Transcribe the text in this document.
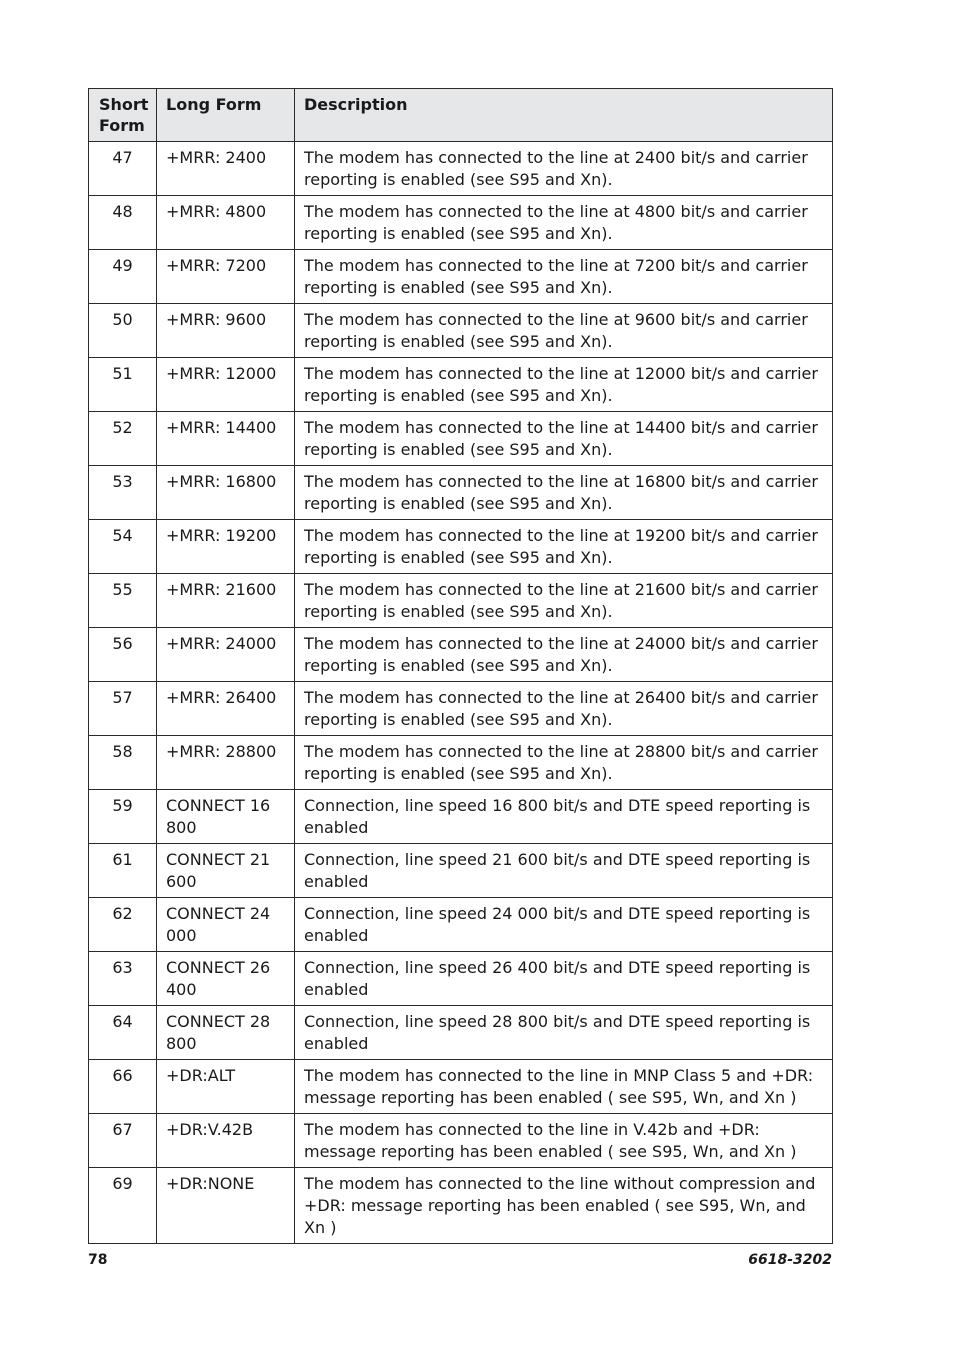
Short Form	Long Form	Description
47	+MRR: 2400	The modem has connected to the line at 2400 bit/s and carrier reporting is enabled (see S95 and Xn).
48	+MRR: 4800	The modem has connected to the line at 4800 bit/s and carrier reporting is enabled (see S95 and Xn).
49	+MRR: 7200	The modem has connected to the line at 7200 bit/s and carrier reporting is enabled (see S95 and Xn).
50	+MRR: 9600	The modem has connected to the line at 9600 bit/s and carrier reporting is enabled (see S95 and Xn).
51	+MRR: 12000	The modem has connected to the line at 12000 bit/s and carrier reporting is enabled (see S95 and Xn).
52	+MRR: 14400	The modem has connected to the line at 14400 bit/s and carrier reporting is enabled (see S95 and Xn).
53	+MRR: 16800	The modem has connected to the line at 16800 bit/s and carrier reporting is enabled (see S95 and Xn).
54	+MRR: 19200	The modem has connected to the line at 19200 bit/s and carrier reporting is enabled (see S95 and Xn).
55	+MRR: 21600	The modem has connected to the line at 21600 bit/s and carrier reporting is enabled (see S95 and Xn).
56	+MRR: 24000	The modem has connected to the line at 24000 bit/s and carrier reporting is enabled (see S95 and Xn).
57	+MRR: 26400	The modem has connected to the line at 26400 bit/s and carrier reporting is enabled (see S95 and Xn).
58	+MRR: 28800	The modem has connected to the line at 28800 bit/s and carrier reporting is enabled (see S95 and Xn).
59	CONNECT 16 800	Connection, line speed 16 800 bit/s and DTE speed reporting is enabled
61	CONNECT 21 600	Connection, line speed 21 600 bit/s and DTE speed reporting is enabled
62	CONNECT 24 000	Connection, line speed 24 000 bit/s and DTE speed reporting is enabled
63	CONNECT 26 400	Connection, line speed 26 400 bit/s and DTE speed reporting is enabled
64	CONNECT 28 800	Connection, line speed 28 800 bit/s and DTE speed reporting is enabled
66	+DR:ALT	The modem has connected to the line in MNP Class 5 and +DR: message reporting has been enabled ( see S95, Wn, and Xn )
67	+DR:V.42B	The modem has connected to the line in V.42b and +DR: message reporting has been enabled ( see S95, Wn, and Xn )
69	+DR:NONE	The modem has connected to the line without compression and +DR: message reporting has been enabled ( see S95, Wn, and Xn )
78	6618-3202
